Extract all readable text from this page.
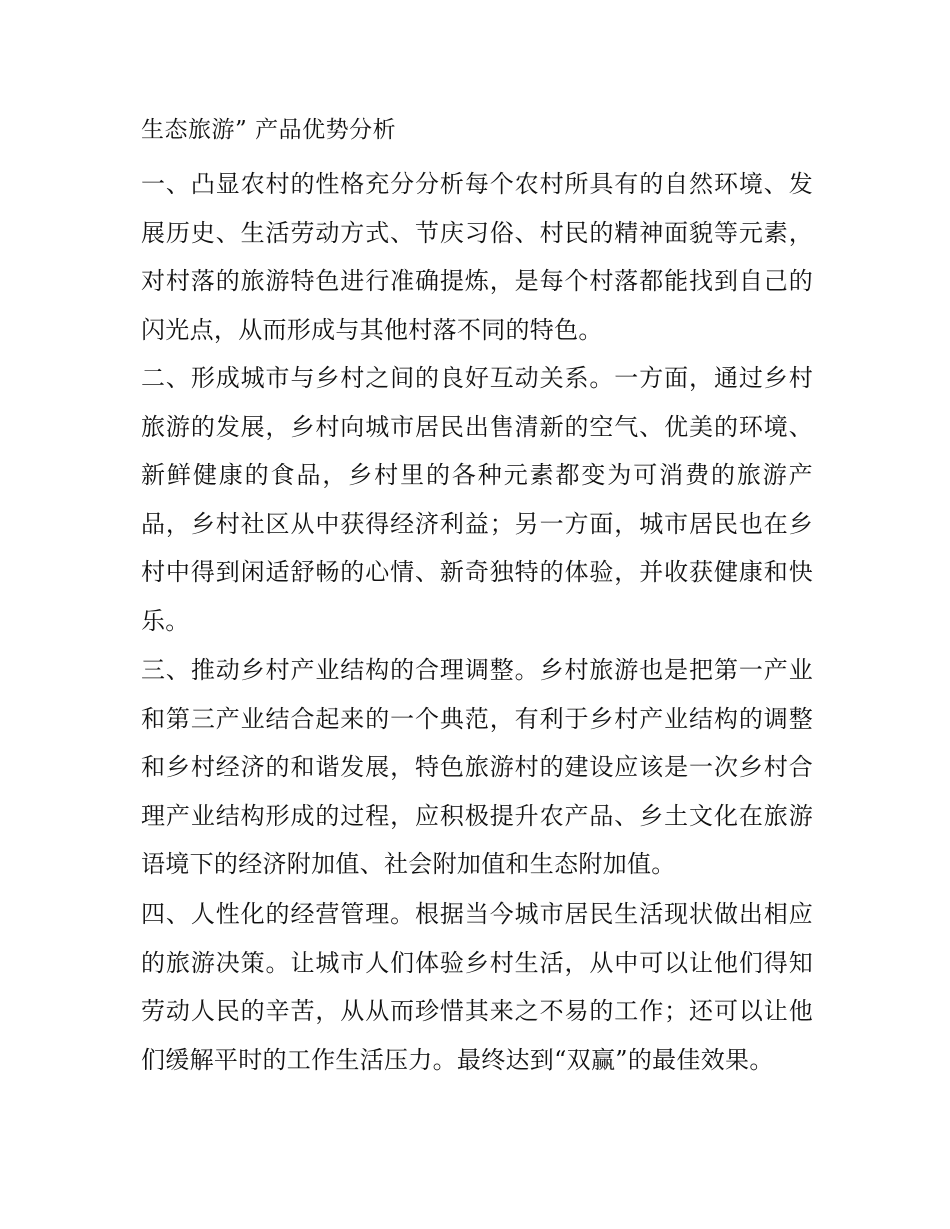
生态旅游” 产品优势分析

一、凸显农村的性格充分分析每个农村所具有的自然环境、发展历史、生活劳动方式、节庆习俗、村民的精神面貌等元素，对村落的旅游特色进行准确提炼，是每个村落都能找到自己的闪光点，从而形成与其他村落不同的特色。

二、形成城市与乡村之间的良好互动关系。一方面，通过乡村旅游的发展，乡村向城市居民出售清新的空气、优美的环境、新鲜健康的食品，乡村里的各种元素都变为可消费的旅游产品，乡村社区从中获得经济利益；另一方面，城市居民也在乡村中得到闲适舒畅的心情、新奇独特的体验，并收获健康和快乐。

三、推动乡村产业结构的合理调整。乡村旅游也是把第一产业和第三产业结合起来的一个典范，有利于乡村产业结构的调整和乡村经济的和谐发展，特色旅游村的建设应该是一次乡村合理产业结构形成的过程，应积极提升农产品、乡土文化在旅游语境下的经济附加值、社会附加值和生态附加值。

四、人性化的经营管理。根据当今城市居民生活现状做出相应的旅游决策。让城市人们体验乡村生活，从中可以让他们得知劳动人民的辛苦，从从而珍惜其来之不易的工作；还可以让他们缓解平时的工作生活压力。最终达到“双赢”的最佳效果。
